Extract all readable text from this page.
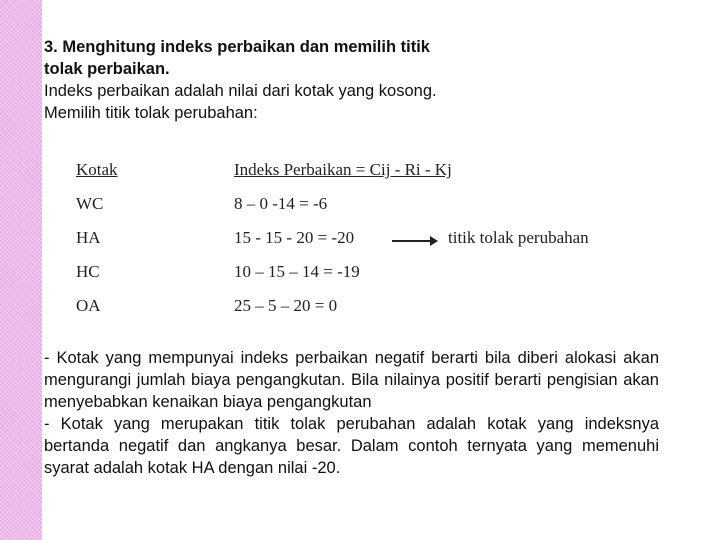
3. Menghitung indeks perbaikan dan memilih titik
tolak perbaikan.
Indeks perbaikan adalah nilai dari kotak yang kosong.
Memilih titik tolak perubahan:
Kotak	Indeks Perbaikan = Cij - Ri - Kj
WC	8 – 0 -14 = -6
HA	15 - 15 - 20 = -20	titik tolak perubahan
HC	10 – 15 – 14 = -19
OA	25 – 5 – 20 = 0

- Kotak yang mempunyai indeks perbaikan negatif berarti bila diberi alokasi akan mengurangi jumlah biaya pengangkutan. Bila nilainya positif berarti pengisian akan menyebabkan kenaikan biaya pengangkutan

- Kotak yang merupakan titik tolak perubahan adalah kotak yang indeksnya bertanda negatif dan angkanya besar. Dalam contoh ternyata yang memenuhi syarat adalah kotak HA dengan nilai -20.
